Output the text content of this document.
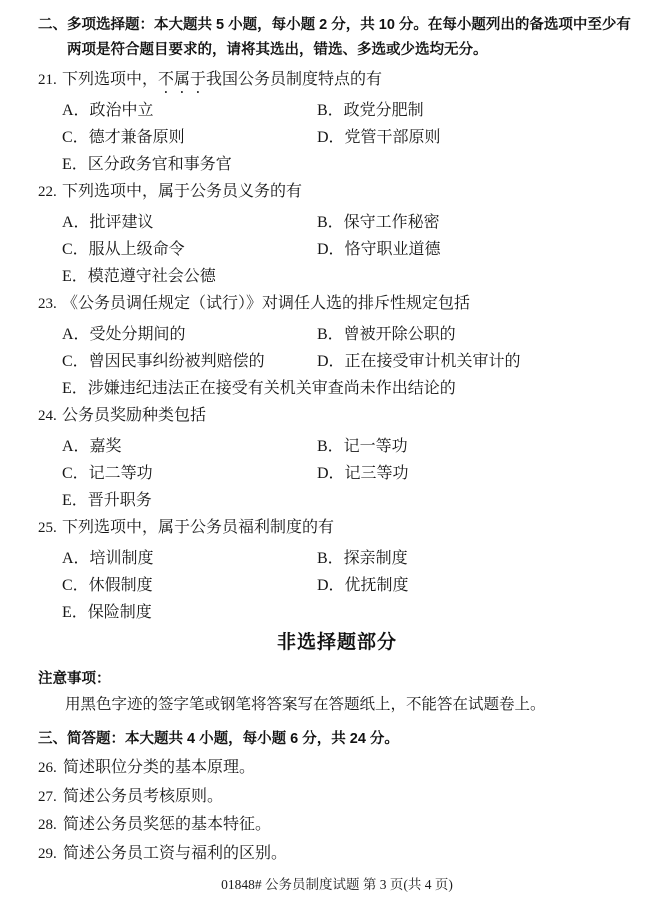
二、多项选择题：本大题共 5 小题，每小题 2 分，共 10 分。在每小题列出的备选项中至少有两项是符合题目要求的，请将其选出，错选、多选或少选均无分。
21. 下列选项中，不属于我国公务员制度特点的有
A．政治中立	B．政党分肥制
C．德才兼备原则	D．党管干部原则
E．区分政务官和事务官
22. 下列选项中，属于公务员义务的有
A．批评建议	B．保守工作秘密
C．服从上级命令	D．恪守职业道德
E．模范遵守社会公德
23. 《公务员调任规定（试行）》对调任人选的排斥性规定包括
A．受处分期间的	B．曾被开除公职的
C．曾因民事纠纷被判赔偿的	D．正在接受审计机关审计的
E．涉嫌违纪违法正在接受有关机关审查尚未作出结论的
24. 公务员奖励种类包括
A．嘉奖	B．记一等功
C．记二等功	D．记三等功
E．晋升职务
25. 下列选项中，属于公务员福利制度的有
A．培训制度	B．探亲制度
C．休假制度	D．优抚制度
E．保险制度
非选择题部分
注意事项：
用黑色字迹的签字笔或钢笔将答案写在答题纸上，不能答在试题卷上。
三、简答题：本大题共 4 小题，每小题 6 分，共 24 分。
26. 简述职位分类的基本原理。
27. 简述公务员考核原则。
28. 简述公务员奖惩的基本特征。
29. 简述公务员工资与福利的区别。
01848# 公务员制度试题 第 3 页(共 4 页)
